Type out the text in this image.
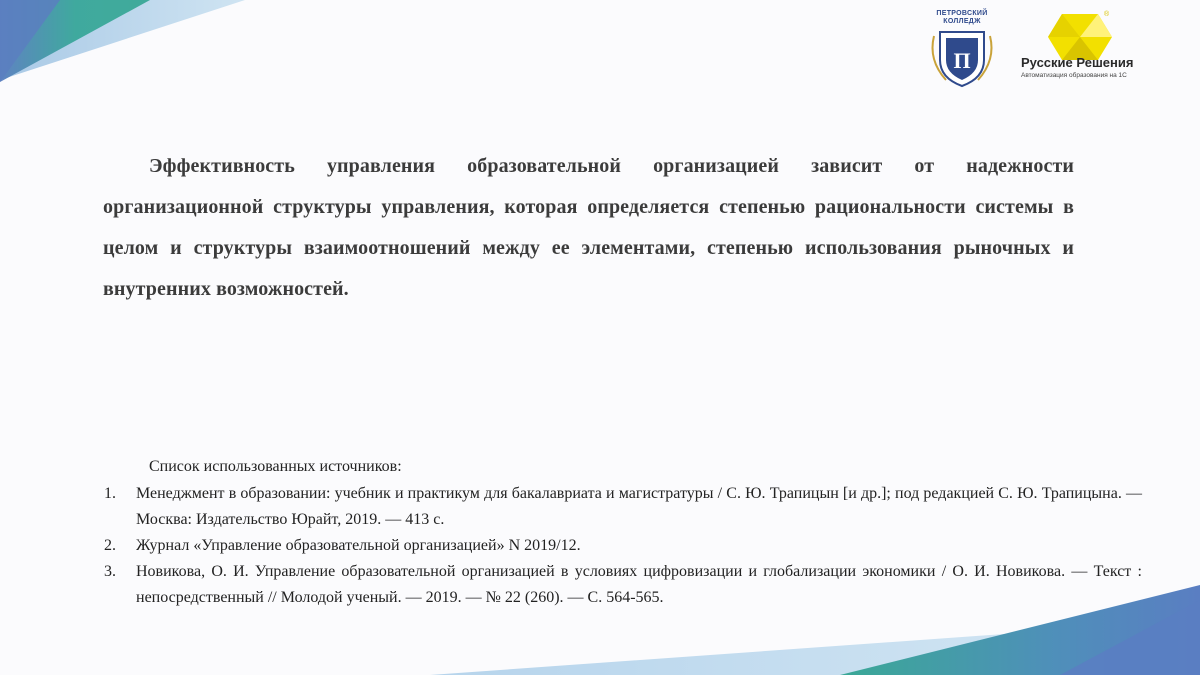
П
ПЕТРОВСКИЙ КОЛЛЕДЖ
®
Русские Решения
Автоматизация образования на 1С

Эффективность управления образовательной организацией зависит от надежности организационной структуры управления, которая определяется степенью рациональности системы в целом и структуры взаимоотношений между ее элементами, степенью использования рыночных и внутренних возможностей.

Список использованных источников:

1. Менеджмент в образовании: учебник и практикум для бакалавриата и магистратуры / С. Ю. Трапицын [и др.]; под редакцией С. Ю. Трапицына. — Москва: Издательство Юрайт, 2019. — 413 с.
2. Журнал «Управление образовательной организацией» N 2019/12.
3. Новикова, О. И. Управление образовательной организацией в условиях цифровизации и глобализации экономики / О. И. Новикова. — Текст : непосредственный // Молодой ученый. — 2019. — № 22 (260). — С. 564-565.
